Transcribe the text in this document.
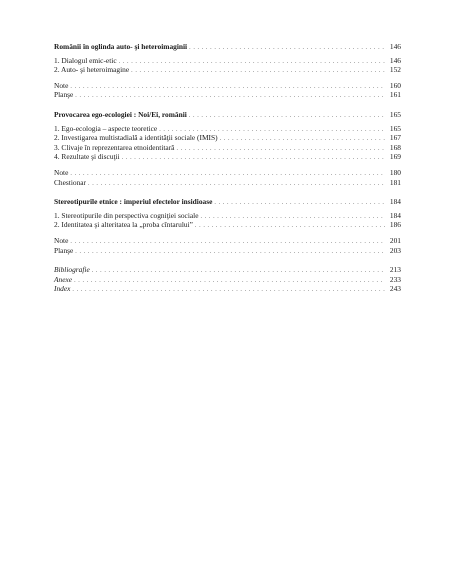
Românii în oglinda auto- şi heteroimaginii . . .	146
1. Dialogul emic-etic . . .	146
2. Auto- şi heteroimagine . . .	152
Note . . .	160
Planşe . . .	161
Provocarea ego-ecologiei : Noi/Ei, românii . . .	165
1. Ego-ecologia – aspecte teoretice . . .	165
2. Investigarea multistadială a identităţii sociale (IMIS) . . .	167
3. Clivaje în reprezentarea etnoidentitară . . .	168
4. Rezultate şi discuţii . . .	169
Note . . .	180
Chestionar . . .	181
Stereotipurile etnice : imperiul efectelor insidioase . . .	184
1. Stereotipurile din perspectiva cogniţiei sociale . . .	184
2. Identitatea şi alteritatea la „proba cîntarului” . . .	186
Note . . .	201
Planşe . . .	203
Bibliografie . . .	213
Anexe . . .	233
Index . . .	243
